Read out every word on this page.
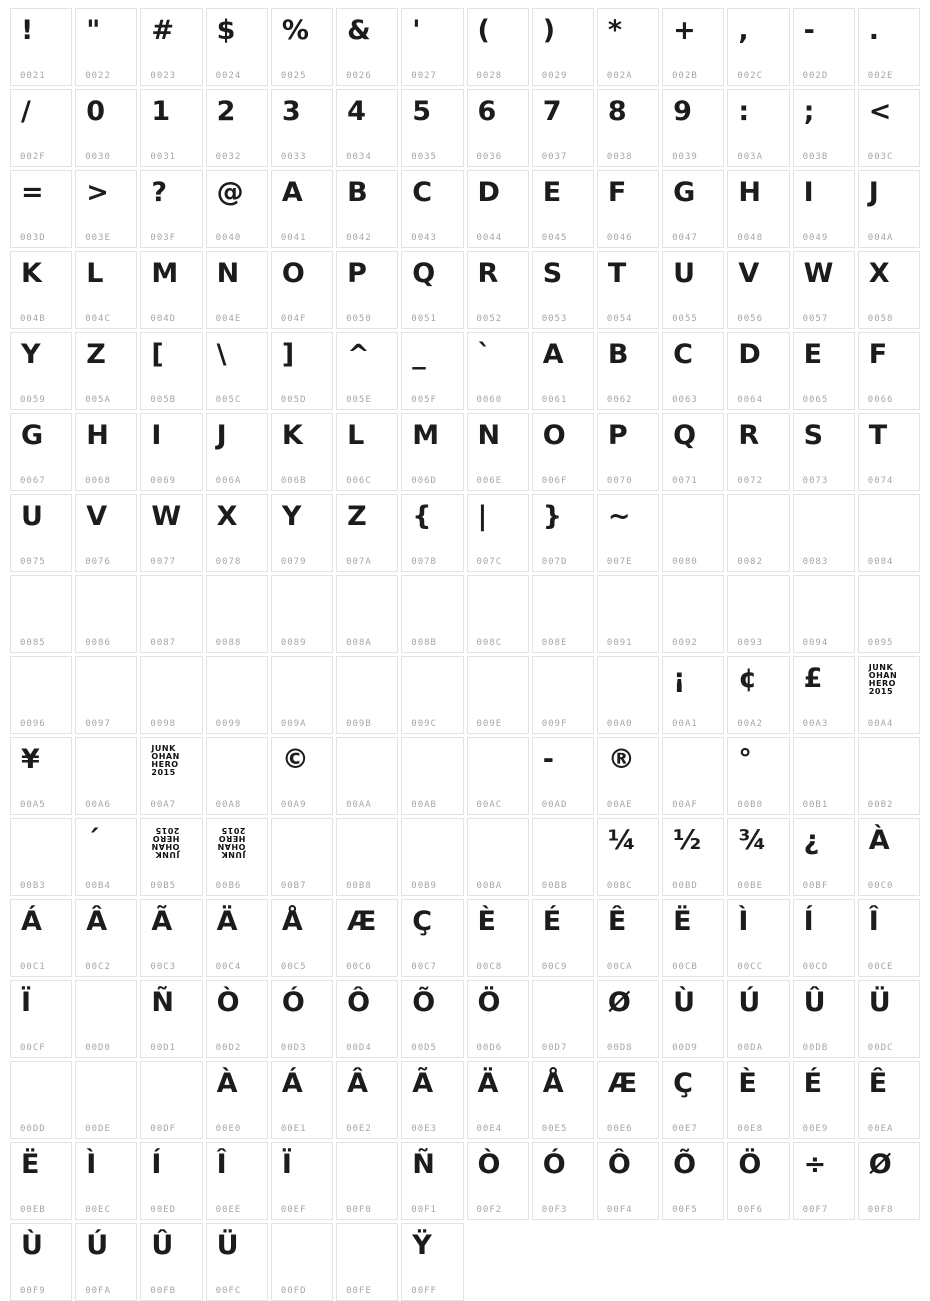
!
0021
"
0022
#
0023
$
0024
%
0025
&
0026
'
0027
(
0028
)
0029
*
002A
+
002B
,
002C
-
002D
.
002E
/
002F
0
0030
1
0031
2
0032
3
0033
4
0034
5
0035
6
0036
7
0037
8
0038
9
0039
:
003A
;
003B
<
003C
=
003D
>
003E
?
003F
@
0040
A
0041
B
0042
C
0043
D
0044
E
0045
F
0046
G
0047
H
0048
I
0049
J
004A
K
004B
L
004C
M
004D
N
004E
O
004F
P
0050
Q
0051
R
0052
S
0053
T
0054
U
0055
V
0056
W
0057
X
0058
Y
0059
Z
005A
[
005B
\
005C
]
005D
^
005E
_
005F
`
0060
A
0061
B
0062
C
0063
D
0064
E
0065
F
0066
G
0067
H
0068
I
0069
J
006A
K
006B
L
006C
M
006D
N
006E
O
006F
P
0070
Q
0071
R
0072
S
0073
T
0074
U
0075
V
0076
W
0077
X
0078
Y
0079
Z
007A
{
007B
|
007C
}
007D
~
007E	0080	0082	0083	0084
0085	0086	0087	0088	0089	008A	008B	008C	008E	0091	0092	0093	0094	0095
0096	0097	0098	0099	009A	009B	009C	009E	009F	00A0
¡
00A1
¢
00A2
£
00A3
JUNK
OHAN
HERO
2015
00A4
¥
00A5	00A6
JUNK
OHAN
HERO
2015
00A7	00A8
©
00A9	00AA	00AB	00AC
-
00AD
®
00AE	00AF
°
00B0	00B1	00B2
00B3
´
00B4
JUNK
OHAN
HERO
2015
00B5
JUNK
OHAN
HERO
2015
00B6	00B7	00B8	00B9	00BA	00BB
¼
00BC
½
00BD
¾
00BE
¿
00BF
À
00C0
Á
00C1
Â
00C2
Ã
00C3
Ä
00C4
Å
00C5
Æ
00C6
Ç
00C7
È
00C8
É
00C9
Ê
00CA
Ë
00CB
Ì
00CC
Í
00CD
Î
00CE
Ï
00CF	00D0
Ñ
00D1
Ò
00D2
Ó
00D3
Ô
00D4
Õ
00D5
Ö
00D6	00D7
Ø
00D8
Ù
00D9
Ú
00DA
Û
00DB
Ü
00DC
00DD	00DE	00DF
À
00E0
Á
00E1
Â
00E2
Ã
00E3
Ä
00E4
Å
00E5
Æ
00E6
Ç
00E7
È
00E8
É
00E9
Ê
00EA
Ë
00EB
Ì
00EC
Í
00ED
Î
00EE
Ï
00EF	00F0
Ñ
00F1
Ò
00F2
Ó
00F3
Ô
00F4
Õ
00F5
Ö
00F6
÷
00F7
Ø
00F8
Ù
00F9
Ú
00FA
Û
00FB
Ü
00FC	00FD	00FE
Ÿ
00FF
